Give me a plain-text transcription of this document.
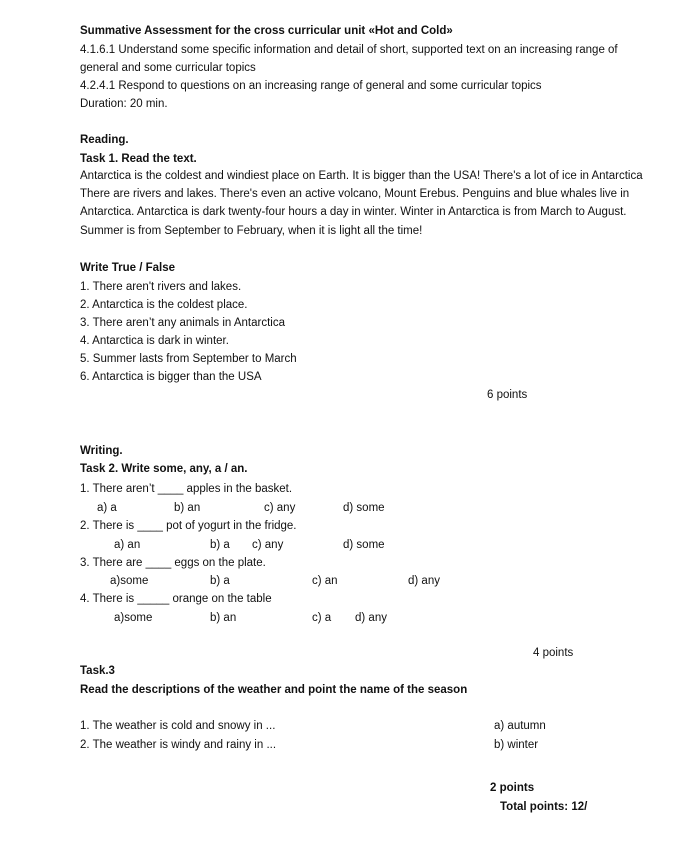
Summative Assessment for the cross curricular unit «Hot and Cold»
4.1.6.1 Understand some specific information and detail of short, supported text on an increasing range of
general and some curricular topics
4.2.4.1 Respond to questions on an increasing range of general and some curricular topics
Duration: 20 min.
Reading.
Task 1. Read the text.
Antarctica is the coldest and windiest place on Earth. It is bigger than the USA! There's a lot of ice in Antarctica There are rivers and lakes. There's even an active volcano, Mount Erebus. Penguins and blue whales live in Antarctica. Antarctica is dark twenty-four hours a day in winter. Winter in Antarctica is from March to August. Summer is from September to February, when it is light all the time!
Write True / False
1. There aren't rivers and lakes.
2. Antarctica is the coldest place.
3. There aren’t any animals in Antarctica
4. Antarctica is dark in winter.
5. Summer lasts from September to March
6. Antarctica is bigger than the USA
6 points
Writing.
Task 2. Write some, any, a / an.
1. There aren’t ____ apples in the basket.
a) a	b) an	c) any	d) some
2. There is ____ pot of yogurt in the fridge.
a) an	b) a c) any	d) some
3. There are ____ eggs on the plate.
a)some	b) a	c) an	d) any
4. There is _____ orange on the table
a)some	b) an	c) a d) any
4 points
Task.3
Read the descriptions of the weather and point the name of the season
1. The weather is cold and snowy in ...	a) autumn
2. The weather is windy and rainy in ...	b) winter
2 points
Total points: 12/
